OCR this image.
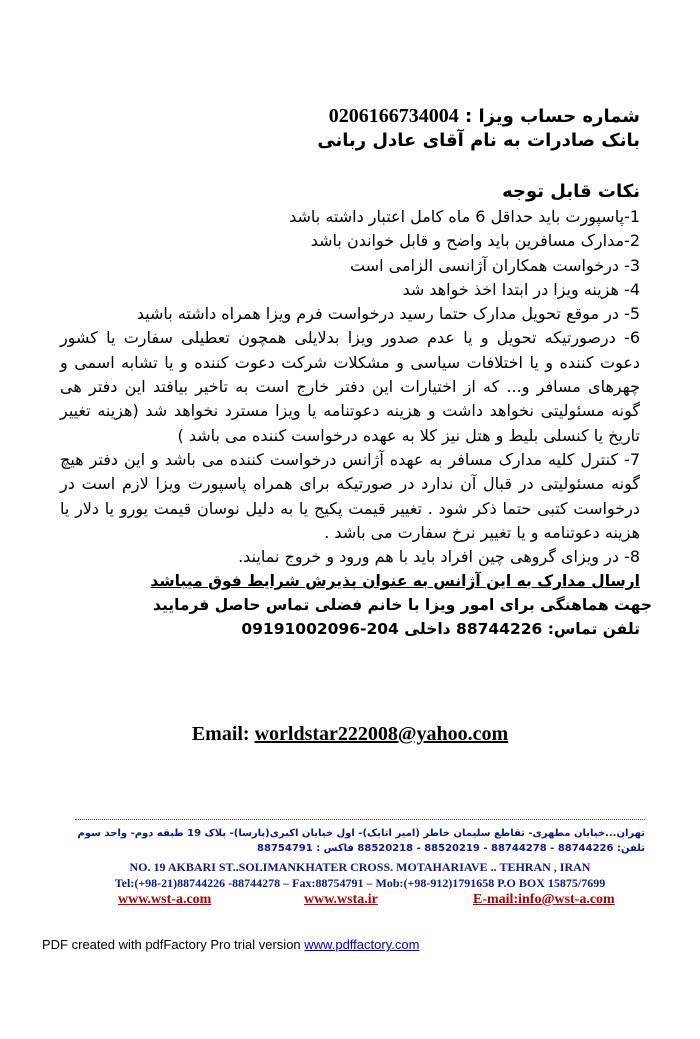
شماره حساب ویزا : 0206166734004
بانک صادرات به نام آقای عادل ربانی
نکات قابل توجه

1-پاسپورت باید حداقل 6 ماه کامل اعتبار داشته باشد

2-مدارک مسافرین باید واضح و قابل خواندن باشد

3- درخواست همکاران آژانسی الزامی است

4- هزینه ویزا در ابتدا اخذ خواهد شد

5- در موقع تحویل مدارک حتما رسید درخواست فرم ویزا همراه داشته باشید

6- درصورتیکه تحویل و یا عدم صدور ویزا بدلایلی همچون تعطیلی سفارت یا کشور دعوت کننده و یا اختلافات سیاسی و مشکلات شرکت دعوت کننده و یا تشابه اسمی و چهرهای مسافر و... که از اختیارات این دفتر خارج است به تاخیر بیافتد این دفتر هی گونه مسئولیتی نخواهد داشت و هزینه دعوتنامه یا ویزا مسترد نخواهد شد (هزینه تغییر تاریخ یا کنسلی بلیط و هتل نیز کلا به عهده درخواست کننده می باشد )

7- کنترل کلیه مدارک مسافر به عهده آژانس درخواست کننده می باشد و این دفتر هیچ گونه مسئولیتی در قبال آن ندارد در صورتیکه برای همراه پاسپورت ویزا لازم است در درخواست کتبی حتما ذکر شود . تغییر قیمت پکیج یا به دلیل نوسان قیمت یورو یا دلار یا هزینه دعوتنامه و یا تغییر نرخ سفارت می باشد .

8- در ویزای گروهی چین افراد باید با هم ورود و خروج نمایند.

ارسال مدارک به این آژانس به عنوان پذیرش شرایط فوق میباشد
جهت هماهنگی برای امور ویزا با خانم فضلی تماس حاصل فرمایید
تلفن تماس: 88744226 داخلی 204-09191002096
Email: worldstar222008@yahoo.com
تهران...خیابان مطهری- تقاطع سلیمان خاطر (امیر اتابک)- اول خیابان اکبری(پارسا)- پلاک 19 طبقه دوم- واحد سوم
تلفن: 88744226 - 88744278 - 88520219 - 88520218 فاکس : 88754791
NO. 19 AKBARI ST..SOLIMANKHATER CROSS. MOTAHARIAVE .. TEHRAN , IRAN
Tel:(+98-21)88744226 -88744278 – Fax:88754791 – Mob:(+98-912)1791658 P.O BOX 15875/7699
www.wst-a.com	www.wsta.ir	E-mail:info@wst-a.com
PDF created with pdfFactory Pro trial version www.pdffactory.com
